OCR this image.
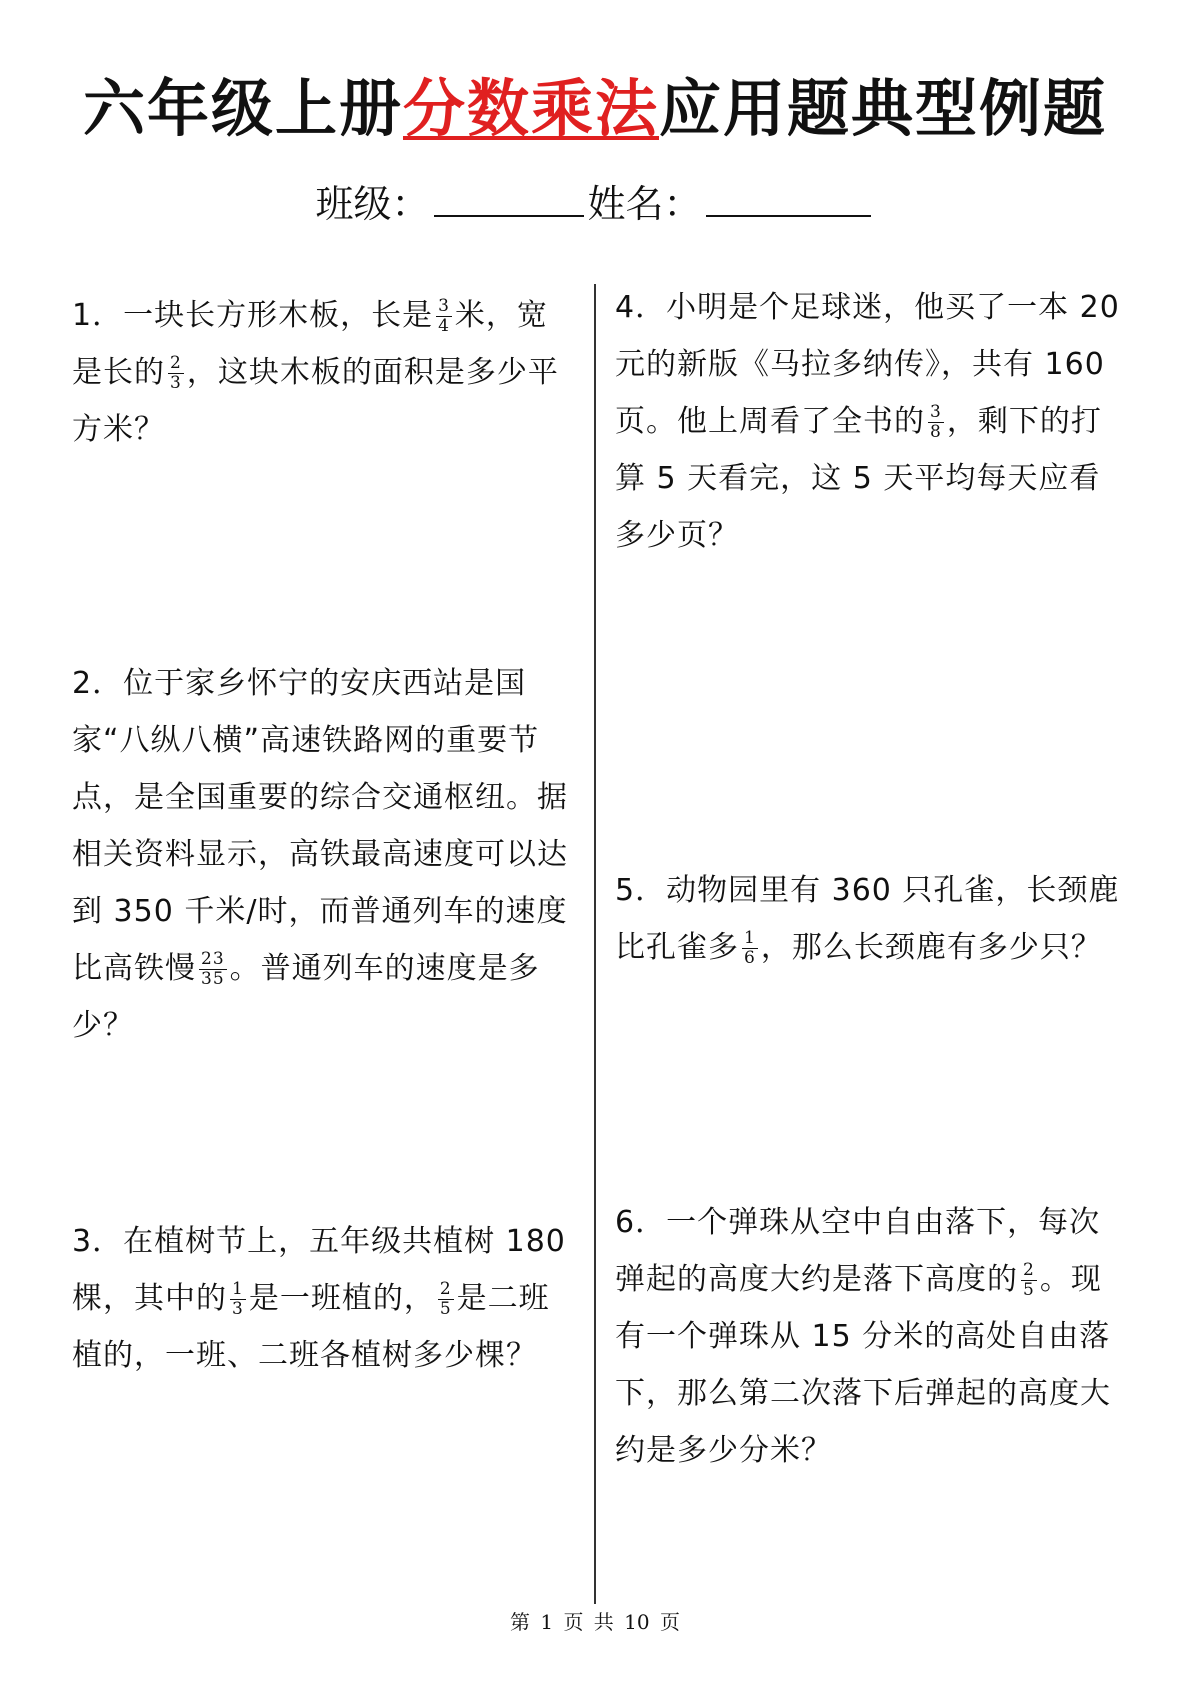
六年级上册分数乘法应用题典型例题
班级：	姓名：
1．一块长方形木板，长是 $\frac{3}{4}$ 米，宽是长的 $\frac{2}{3}$ ，这块木板的面积是多少平方米？
2．位于家乡怀宁的安庆西站是国家“八纵八横”高速铁路网的重要节点，是全国重要的综合交通枢纽。据相关资料显示，高铁最高速度可以达到 350 千米/时，而普通列车的速度比高铁慢 $\frac{23}{35}$ 。普通列车的速度是多少？
3．在植树节上，五年级共植树 180 棵，其中的 $\frac{1}{3}$ 是一班植的， $\frac{2}{5}$ 是二班植的，一班、二班各植树多少棵？
4．小明是个足球迷，他买了一本 20 元的新版《马拉多纳传》，共有 160 页。他上周看了全书的 $\frac{3}{8}$ ，剩下的打算 5 天看完，这 5 天平均每天应看多少页？
5．动物园里有 360 只孔雀，长颈鹿比孔雀多 $\frac{1}{6}$ ，那么长颈鹿有多少只？
6．一个弹珠从空中自由落下，每次弹起的高度大约是落下高度的 $\frac{2}{5}$ 。现有一个弹珠从 15 分米的高处自由落下，那么第二次落下后弹起的高度大约是多少分米？
第 1 页 共 10 页
